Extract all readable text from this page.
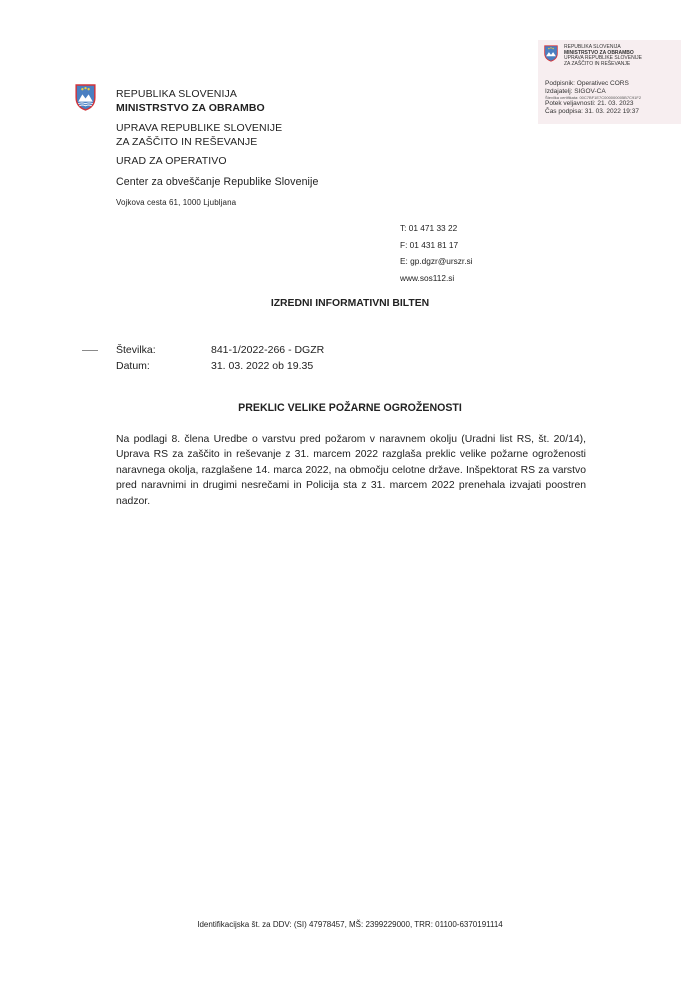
REPUBLIKA SLOVENIJA
MINISTRSTVO ZA OBRAMBO
UPRAVA REPUBLIKE SLOVENIJE
ZA ZAŠČITO IN REŠEVANJE
Podpisnik: Operativec CORS
Izdajatelj: SIGOV-CA
Številka certifikata: 00C7BF1E7C000000005B7C91F2
Potek veljavnosti: 21. 03. 2023
Čas podpisa: 31. 03. 2022 19:37
REPUBLIKA SLOVENIJA
MINISTRSTVO ZA OBRAMBO
UPRAVA REPUBLIKE SLOVENIJE
ZA ZAŠČITO IN REŠEVANJE
URAD ZA OPERATIVO
Center za obveščanje Republike Slovenije
Vojkova cesta 61, 1000 Ljubljana
T: 01 471 33 22
F: 01 431 81 17
E: gp.dgzr@urszr.si
www.sos112.si
IZREDNI INFORMATIVNI BILTEN
Številka:	841-1/2022-266 - DGZR
Datum:	31. 03. 2022 ob 19.35
PREKLIC VELIKE POŽARNE OGROŽENOSTI
Na podlagi 8. člena Uredbe o varstvu pred požarom v naravnem okolju (Uradni list RS, št. 20/14), Uprava RS za zaščito in reševanje z 31. marcem 2022 razglaša preklic velike požarne ogroženosti naravnega okolja, razglašene 14. marca 2022, na območju celotne države. Inšpektorat RS za varstvo pred naravnimi in drugimi nesrečami in Policija sta z 31. marcem 2022 prenehala izvajati poostren nadzor.
Identifikacijska št. za DDV: (SI) 47978457, MŠ: 2399229000, TRR: 01100-6370191114
